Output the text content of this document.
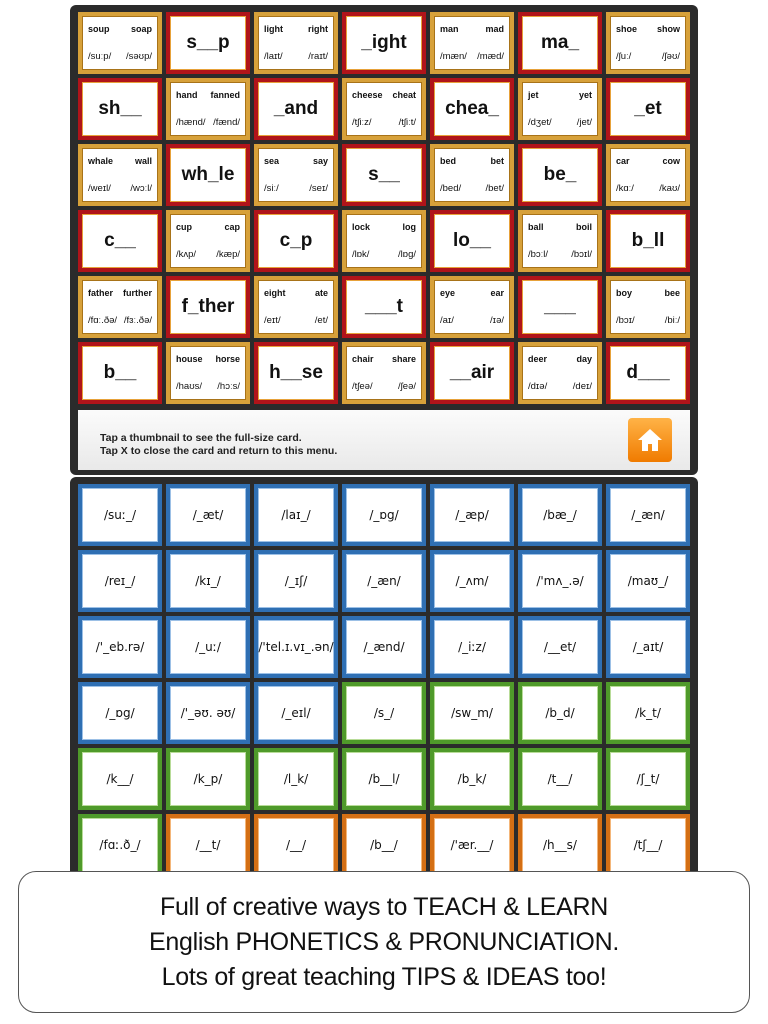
soup soap
/suːp/ /səʊp/
s__p
light	right
/laɪt/	/raɪt/
_ight
man	mad
/mæn/ /mæd/
ma_
shoe show
/ʃuː/	/ʃəʊ/
sh__
hand fanned
/hænd/ /fænd/
_and
cheese cheat
/tʃiːz/	/tʃiːt/
chea_
jet	yet
/dʒet/	/jet/
_et
whale wall
/weɪl/ /wɔːl/
wh_le
sea	say
/siː/	/seɪ/
s__
bed	bet
/bed/	/bet/
be_
car	cow
/kɑː/	/kaʊ/
c__
cup	cap
/kʌp/ /kæp/
c_p
lock	log
/lɒk/	/lɒg/
lo__
ball	boil
/bɔːl/ /bɔɪl/
b_ll
father further
/fɑː.ðə/ /fɜː.ðə/
f_ther
eight	ate
/eɪt/	/et/
___t
eye	ear
/aɪ/	/ɪə/
___
boy	bee
/bɔɪ/	/biː/
b__
house horse
/haʊs/ /hɔːs/
h__se
chair share
/tʃeə/	/ʃeə/
__air
deer	day
/dɪə/	/deɪ/
d___
Tap a thumbnail to see the full-size card.
Tap X to close the card and return to this menu.
/suː_/	/_æt/	/laɪ_/	/_ɒg/	/_æp/	/bæ_/	/_æn/
/reɪ_/	/kɪ_/	/_ɪʃ/	/_æn/	/_ʌm/	/'mʌ_.ə/	/maʊ_/
/'_eb.rə/	/_uː/	/'tel.ɪ.vɪ_.ən/	/_ænd/	/_iːz/	/__et/	/_aɪt/
/_ɒg/	/'_əʊ. əʊ/	/_eɪl/	/s_/	/sw_m/	/b_d/	/k_t/
/k__/	/k_p/	/l_k/	/b__l/	/b_k/	/t__/	/ʃ_t/
/fɑː.ð_/	/__t/	/__/	/b__/	/'ær.__/	/h__s/	/tʃ__/
Full of creative ways to TEACH & LEARN
English PHONETICS & PRONUNCIATION.
Lots of great teaching TIPS & IDEAS too!
